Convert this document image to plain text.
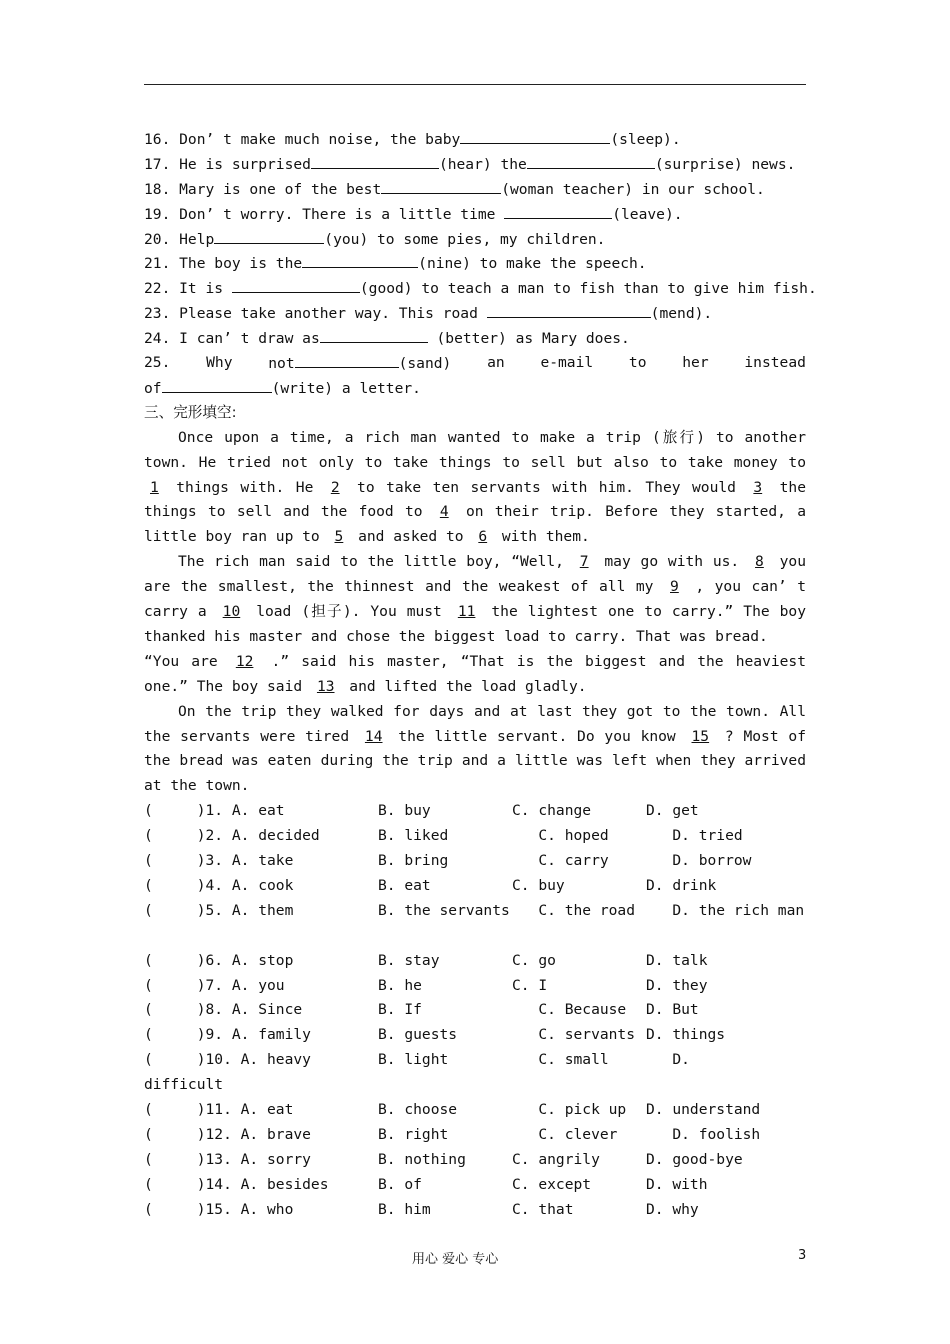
16. Don’ t make much noise, the baby	(sleep).
17. He is surprised	(hear) the	(surprise) news.
18. Mary is one of the best	(woman teacher) in our school.
19. Don’ t worry. There is a little time	(leave).
20. Help	(you) to some pies, my children.
21. The boy is the	(nine) to make the speech.
22. It is	(good) to teach a man to fish than to give him fish.
23. Please take another way. This road	(mend).
24. I can’ t draw as	(better) as Mary does.
25. Why not	(sand) an e-mail to her instead
of	(write) a letter.
三、完形填空:
Once upon a time, a rich man wanted to make a trip (旅行) to another town. He tried not only to take things to sell but also to take money to 1 things with. He 2 to take ten servants with him. They would 3 the things to sell and the food to 4 on their trip. Before they started, a little boy ran up to 5 and asked to 6 with them.
The rich man said to the little boy, “Well, 7 may go with us. 8 you are the smallest, the thinnest and the weakest of all my 9 , you can’ t carry a 10 load (担子). You must 11 the lightest one to carry.” The boy thanked his master and chose the biggest load to carry. That was bread.
“You are 12 .” said his master, “That is the biggest and the heaviest one.” The boy said 13 and lifted the load gladly.
On the trip they walked for days and at last they got to the town. All the servants were tired 14 the little servant. Do you know 15 ? Most of the bread was eaten during the trip and a little was left when they arrived at the town.
(     )1. A. eat	B. buy	C. change	D. get
(     )2. A. decided	B. liked	C. hoped	D. tried
(     )3. A. take	B. bring	C. carry	D. borrow
(     )4. A. cook	B. eat	C. buy	D. drink
(     )5. A. them	B. the servants C. the road D. the rich man
(     )6. A. stop	B. stay	C. go	D. talk
(     )7. A. you	B. he	C. I	D. they
(     )8. A. Since	B. If	C. Because	D. But
(     )9. A. family	B. guests	C. servants D. things
(     )10. A. heavy	B. light	C. small	D.
difficult
(     )11. A. eat	B. choose	C. pick up	D. understand
(     )12. A. brave	B. right	C. clever	D. foolish
(     )13. A. sorry	B. nothing	C. angrily	D. good-bye
(     )14. A. besides	B. of	C. except	D. with
(     )15. A. who	B. him	C. that	D. why
用心 爱心 专心	3
